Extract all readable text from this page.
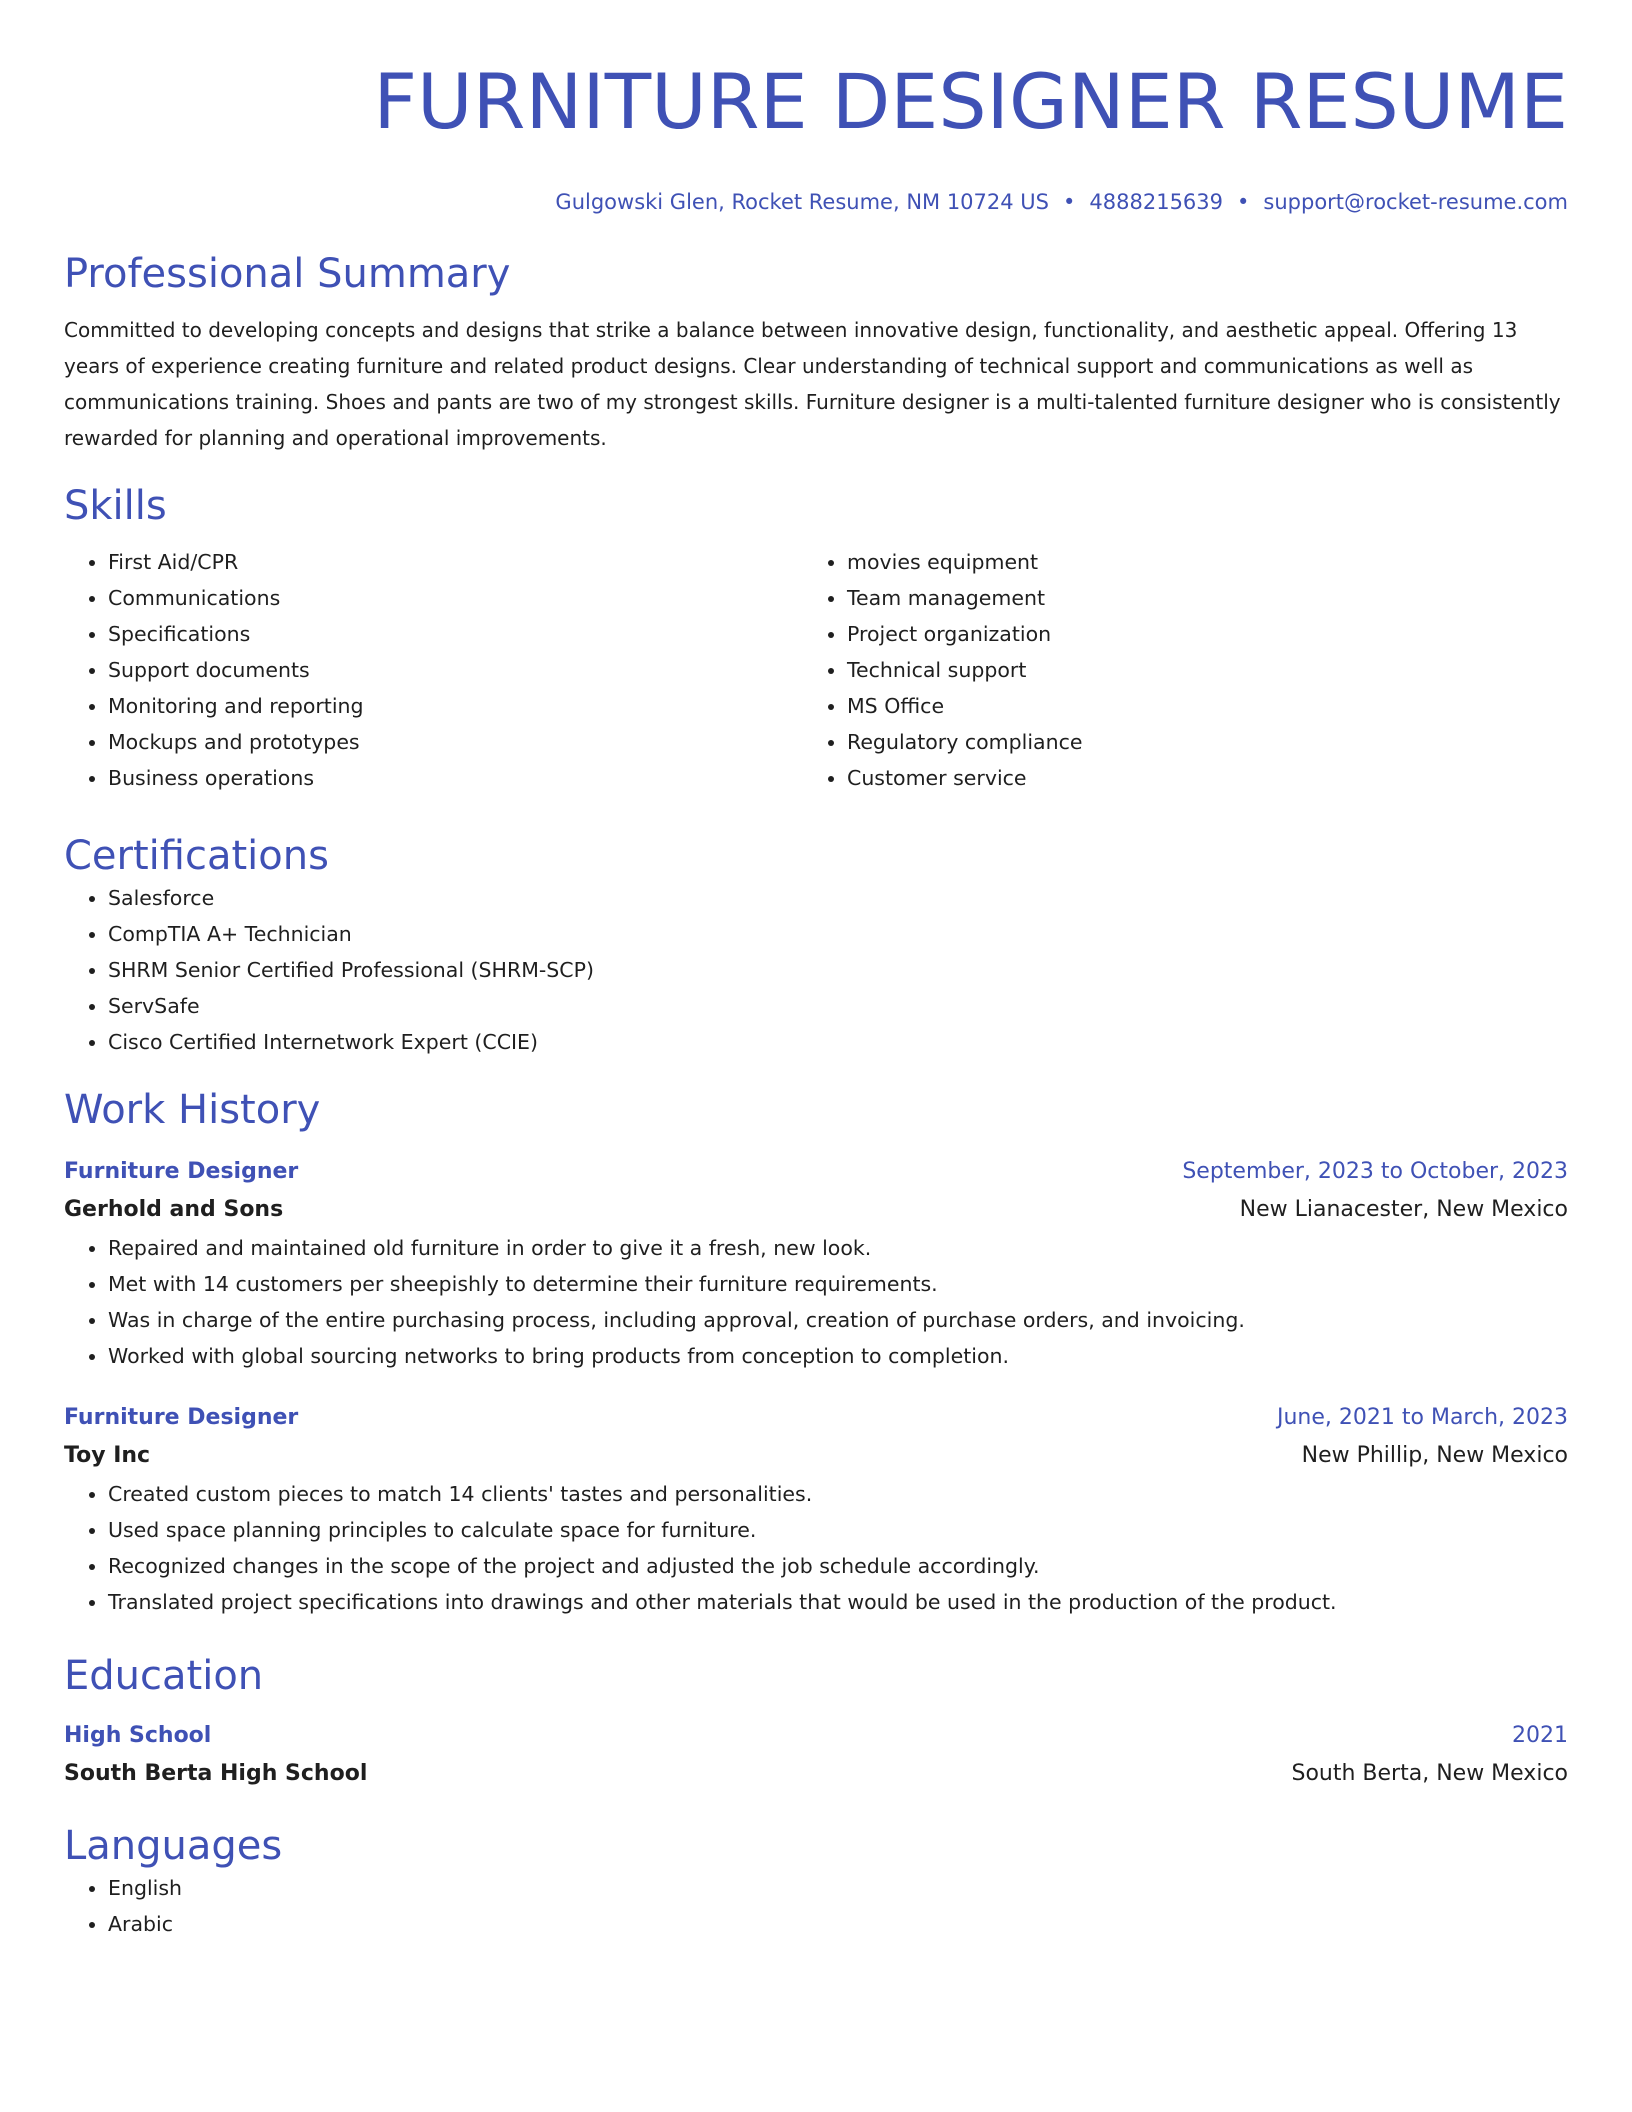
FURNITURE DESIGNER RESUME
Gulgowski Glen, Rocket Resume, NM 10724 US • 4888215639 • support@rocket-resume.com
Professional Summary
Committed to developing concepts and designs that strike a balance between innovative design, functionality, and aesthetic appeal. Offering 13 years of experience creating furniture and related product designs. Clear understanding of technical support and communications as well as communications training. Shoes and pants are two of my strongest skills. Furniture designer is a multi-talented furniture designer who is consistently rewarded for planning and operational improvements.
Skills
• First Aid/CPR
• Communications
• Specifications
• Support documents
• Monitoring and reporting
• Mockups and prototypes
• Business operations
• movies equipment
• Team management
• Project organization
• Technical support
• MS Office
• Regulatory compliance
• Customer service
Certifications
• Salesforce
• CompTIA A+ Technician
• SHRM Senior Certified Professional (SHRM-SCP)
• ServSafe
• Cisco Certified Internetwork Expert (CCIE)
Work History
Furniture Designer	September, 2023 to October, 2023
Gerhold and Sons	New Lianacester, New Mexico
• Repaired and maintained old furniture in order to give it a fresh, new look.
• Met with 14 customers per sheepishly to determine their furniture requirements.
• Was in charge of the entire purchasing process, including approval, creation of purchase orders, and invoicing.
• Worked with global sourcing networks to bring products from conception to completion.
Furniture Designer	June, 2021 to March, 2023
Toy Inc	New Phillip, New Mexico
• Created custom pieces to match 14 clients' tastes and personalities.
• Used space planning principles to calculate space for furniture.
• Recognized changes in the scope of the project and adjusted the job schedule accordingly.
• Translated project specifications into drawings and other materials that would be used in the production of the product.
Education
High School	2021
South Berta High School	South Berta, New Mexico
Languages
• English
• Arabic
